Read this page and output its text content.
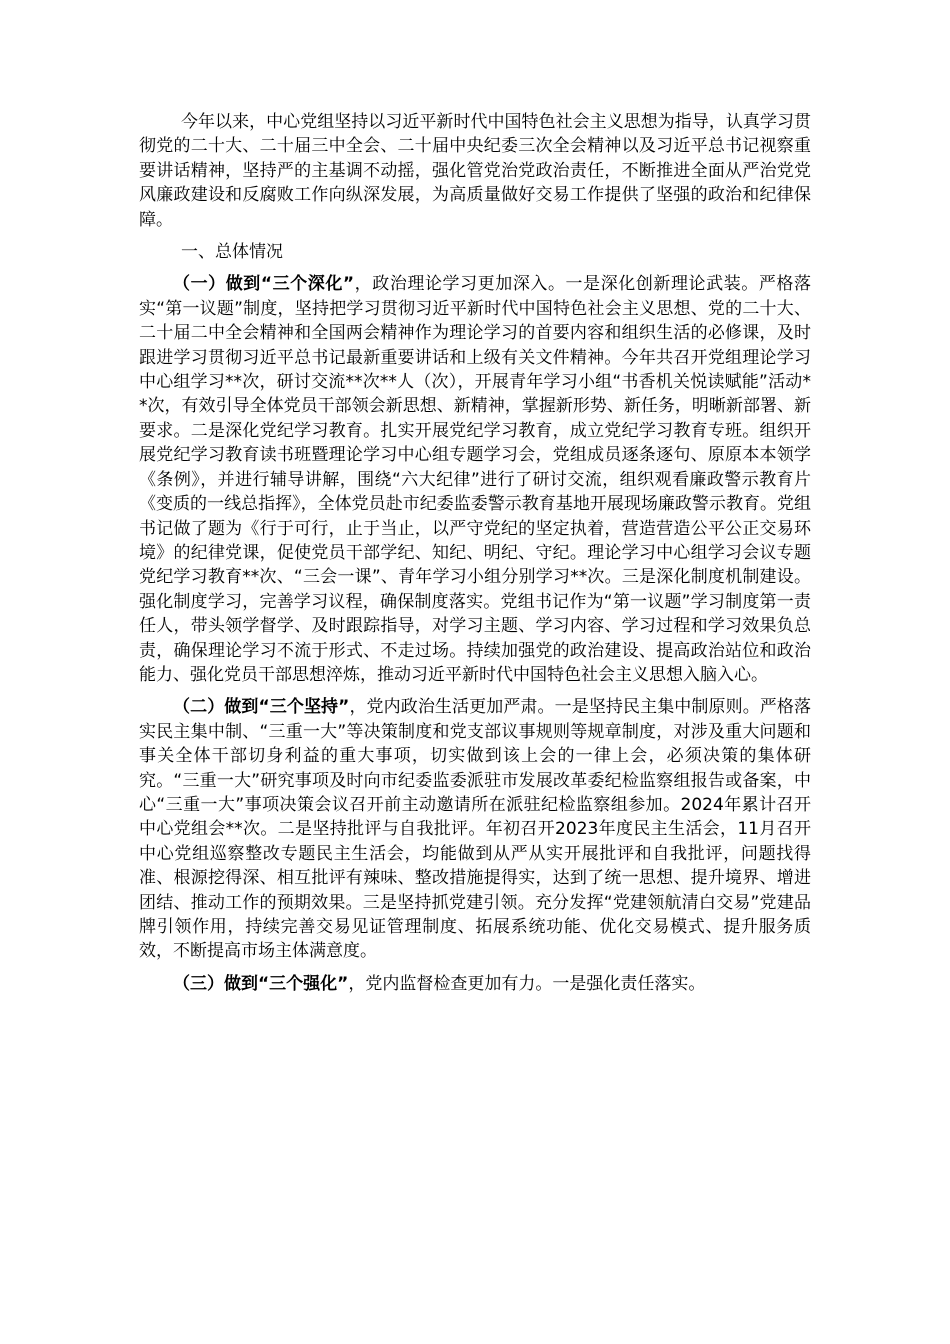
今年以来，中心党组坚持以习近平新时代中国特色社会主义思想为指导，认真学习贯彻党的二十大、二十届三中全会、二十届中央纪委三次全会精神以及习近平总书记视察重要讲话精神，坚持严的主基调不动摇，强化管党治党政治责任，不断推进全面从严治党党风廉政建设和反腐败工作向纵深发展，为高质量做好交易工作提供了坚强的政治和纪律保障。

一、总体情况

（一）做到“三个深化”，政治理论学习更加深入。一是深化创新理论武装。严格落实“第一议题”制度，坚持把学习贯彻习近平新时代中国特色社会主义思想、党的二十大、二十届二中全会精神和全国两会精神作为理论学习的首要内容和组织生活的必修课，及时跟进学习贯彻习近平总书记最新重要讲话和上级有关文件精神。今年共召开党组理论学习中心组学习**次，研讨交流**次**人（次），开展青年学习小组“书香机关悦读赋能”活动**次，有效引导全体党员干部领会新思想、新精神，掌握新形势、新任务，明晰新部署、新要求。二是深化党纪学习教育。扎实开展党纪学习教育，成立党纪学习教育专班。组织开展党纪学习教育读书班暨理论学习中心组专题学习会，党组成员逐条逐句、原原本本领学《条例》，并进行辅导讲解，围绕“六大纪律”进行了研讨交流，组织观看廉政警示教育片《变质的一线总指挥》，全体党员赴市纪委监委警示教育基地开展现场廉政警示教育。党组书记做了题为《行于可行，止于当止，以严守党纪的坚定执着，营造营造公平公正交易环境》的纪律党课，促使党员干部学纪、知纪、明纪、守纪。理论学习中心组学习会议专题党纪学习教育**次、“三会一课”、青年学习小组分别学习**次。三是深化制度机制建设。强化制度学习，完善学习议程，确保制度落实。党组书记作为“第一议题”学习制度第一责任人，带头领学督学、及时跟踪指导，对学习主题、学习内容、学习过程和学习效果负总责，确保理论学习不流于形式、不走过场。持续加强党的政治建设、提高政治站位和政治能力、强化党员干部思想淬炼，推动习近平新时代中国特色社会主义思想入脑入心。

（二）做到“三个坚持”，党内政治生活更加严肃。一是坚持民主集中制原则。严格落实民主集中制、“三重一大”等决策制度和党支部议事规则等规章制度，对涉及重大问题和事关全体干部切身利益的重大事项，切实做到该上会的一律上会，必须决策的集体研究。“三重一大”研究事项及时向市纪委监委派驻市发展改革委纪检监察组报告或备案，中心“三重一大”事项决策会议召开前主动邀请所在派驻纪检监察组参加。2024年累计召开中心党组会**次。二是坚持批评与自我批评。年初召开2023年度民主生活会，11月召开中心党组巡察整改专题民主生活会，均能做到从严从实开展批评和自我批评，问题找得准、根源挖得深、相互批评有辣味、整改措施提得实，达到了统一思想、提升境界、增进团结、推动工作的预期效果。三是坚持抓党建引领。充分发挥“党建领航清白交易”党建品牌引领作用，持续完善交易见证管理制度、拓展系统功能、优化交易模式、提升服务质效，不断提高市场主体满意度。

（三）做到“三个强化”，党内监督检查更加有力。一是强化责任落实。
